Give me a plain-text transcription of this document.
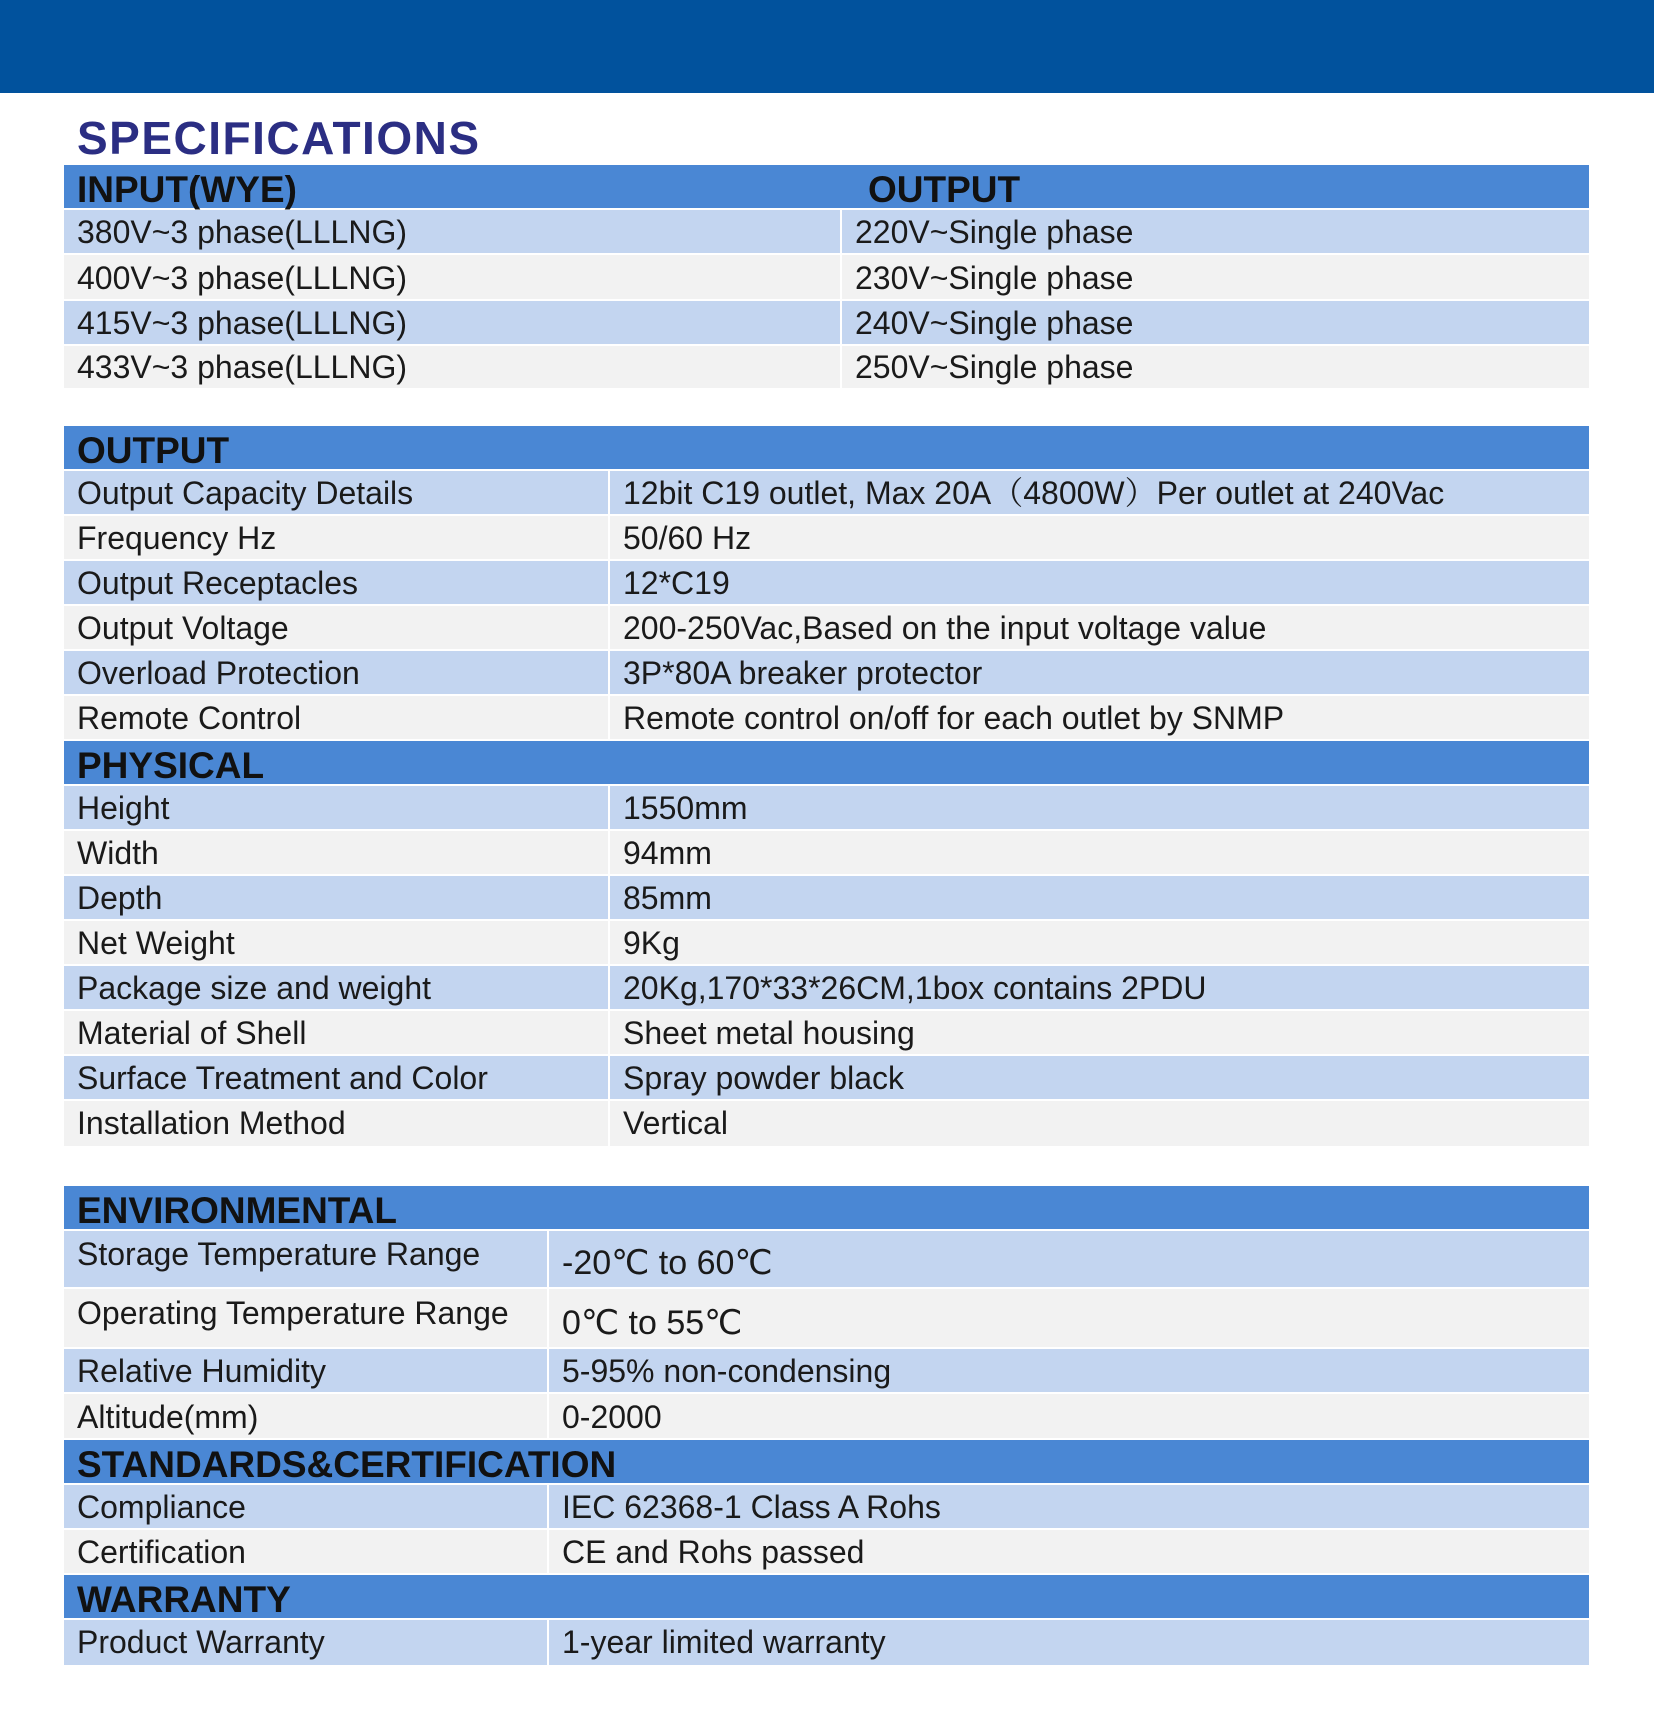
SPECIFICATIONS
INPUT(WYE)	OUTPUT
380V~3 phase(LLLNG)	220V~Single phase
400V~3 phase(LLLNG)	230V~Single phase
415V~3 phase(LLLNG)	240V~Single phase
433V~3 phase(LLLNG)	250V~Single phase
OUTPUT
Output Capacity Details	12bit C19 outlet, Max 20A（4800W）Per outlet at 240Vac
Frequency Hz	50/60 Hz
Output Receptacles	12*C19
Output Voltage	200-250Vac,Based on the input voltage value
Overload Protection	3P*80A breaker protector
Remote Control	Remote control on/off for each outlet by SNMP
PHYSICAL
Height	1550mm
Width	94mm
Depth	85mm
Net Weight	9Kg
Package size and weight	20Kg,170*33*26CM,1box contains 2PDU
Material of Shell	Sheet metal housing
Surface Treatment and Color	Spray powder black
Installation Method	Vertical
ENVIRONMENTAL
Storage Temperature Range	-20℃ to 60℃
Operating Temperature Range	0℃ to 55℃
Relative Humidity	5-95% non-condensing
Altitude(mm)	0-2000
STANDARDS&CERTIFICATION
Compliance	IEC 62368-1 Class A Rohs
Certification	CE and Rohs passed
WARRANTY
Product Warranty	1-year limited warranty
